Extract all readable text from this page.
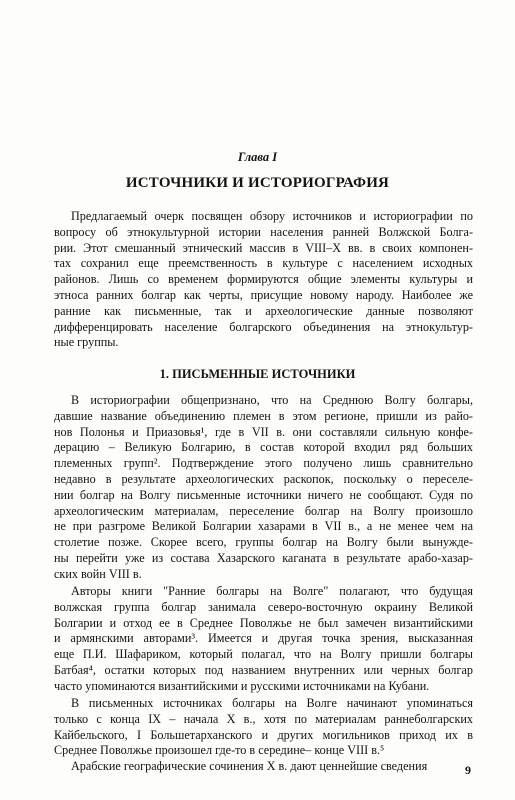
Глава I
ИСТОЧНИКИ И ИСТОРИОГРАФИЯ

Предлагаемый очерк посвящен обзору источников и историографии по
вопросу об этнокультурной истории населения ранней Волжской Болга-
рии. Этот смешанный этнический массив в VIII–X вв. в своих компонен-
тах сохранил еще преемственность в культуре с населением исходных
районов. Лишь со временем формируются общие элементы культуры и
этноса ранних болгар как черты, присущие новому народу. Наиболее же
ранние как письменные, так и археологические данные позволяют
дифференцировать население болгарского объединения на этнокультур-
ные группы.

1. ПИСЬМЕННЫЕ ИСТОЧНИКИ

В историографии общепризнано, что на Среднюю Волгу болгары,
давшие название объединению племен в этом регионе, пришли из райо-
нов Полонья и Приазовья¹, где в VII в. они составляли сильную конфе-
дерацию – Великую Болгарию, в состав которой входил ряд больших
племенных групп². Подтверждение этого получено лишь сравнительно
недавно в результате археологических раскопок, поскольку о переселе-
нии болгар на Волгу письменные источники ничего не сообщают. Судя по
археологическим материалам, переселение болгар на Волгу произошло
не при разгроме Великой Болгарии хазарами в VII в., а не менее чем на
столетие позже. Скорее всего, группы болгар на Волгу были вынужде-
ны перейти уже из состава Хазарского каганата в результате арабо-хазар-
ских войн VIII в.

Авторы книги "Ранние болгары на Волге" полагают, что будущая
волжская группа болгар занимала северо-восточную окраину Великой
Болгарии и отход ее в Среднее Поволжье не был замечен византийскими
и армянскими авторами³. Имеется и другая точка зрения, высказанная
еще П.И. Шафариком, который полагал, что на Волгу пришли болгары
Батбая⁴, остатки которых под названием внутренних или черных болгар
часто упоминаются византийскими и русскими источниками на Кубани.

В письменных источниках болгары на Волге начинают упоминаться
только с конца IX – начала X в., хотя по материалам раннеболгарских
Кайбельского, I Большетарханского и других могильников приход их в
Среднее Поволжье произошел где-то в середине– конце VIII в.⁵

Арабские географические сочинения X в. дают ценнейшие сведения	9
